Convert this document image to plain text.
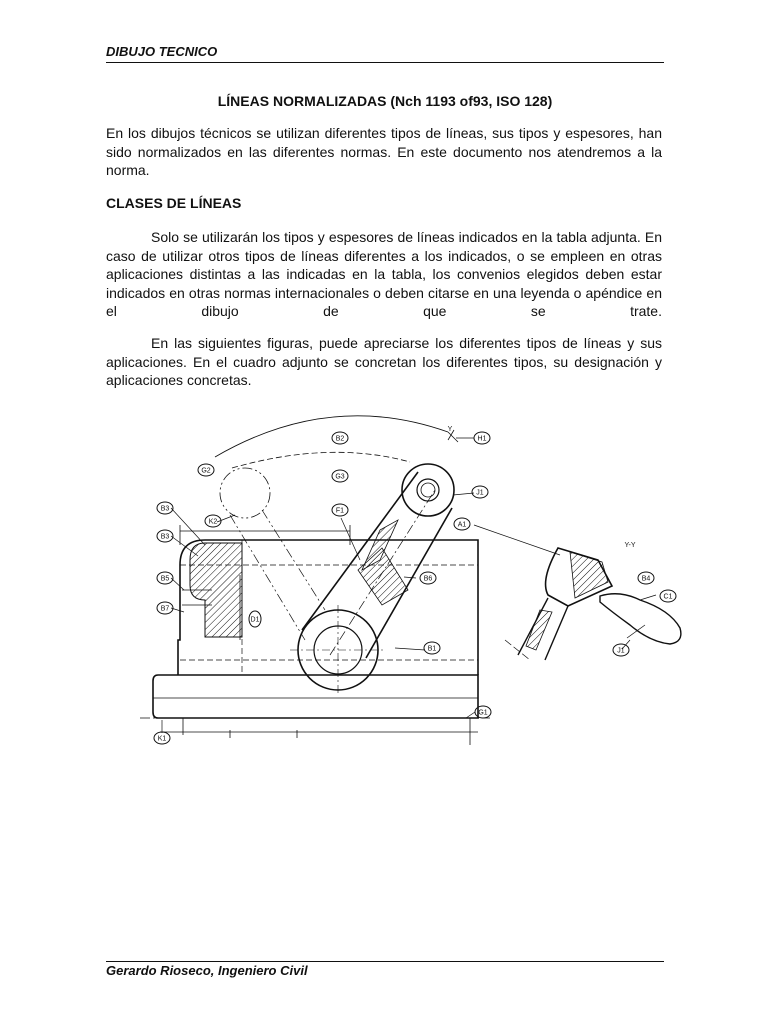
DIBUJO TECNICO
LÍNEAS NORMALIZADAS (Nch 1193 of93, ISO 128)
En los dibujos técnicos se utilizan diferentes tipos de líneas, sus tipos y espesores, han sido normalizados en las diferentes normas. En este documento nos atendremos a la norma.
CLASES DE LÍNEAS
Solo se utilizarán los tipos y espesores de líneas indicados en la tabla adjunta. En caso de utilizar otros tipos de líneas diferentes a los indicados, o se empleen en otras aplicaciones distintas a las indicadas en la tabla, los convenios elegidos deben estar indicados en otras normas internacionales o deben citarse en una leyenda o apéndice en el dibujo de que se trate.
En las siguientes figuras, puede apreciarse los diferentes tipos de líneas y sus aplicaciones. En el cuadro adjunto se concretan los diferentes tipos, su designación y aplicaciones concretas.
B2	H1
G2
G3
J1
F1
A1
B3
K2
B3
B5	B6
B7
D1
B1
G1
K1
B4
C1
J1
Y-Y
Y
Gerardo Rioseco, Ingeniero Civil
